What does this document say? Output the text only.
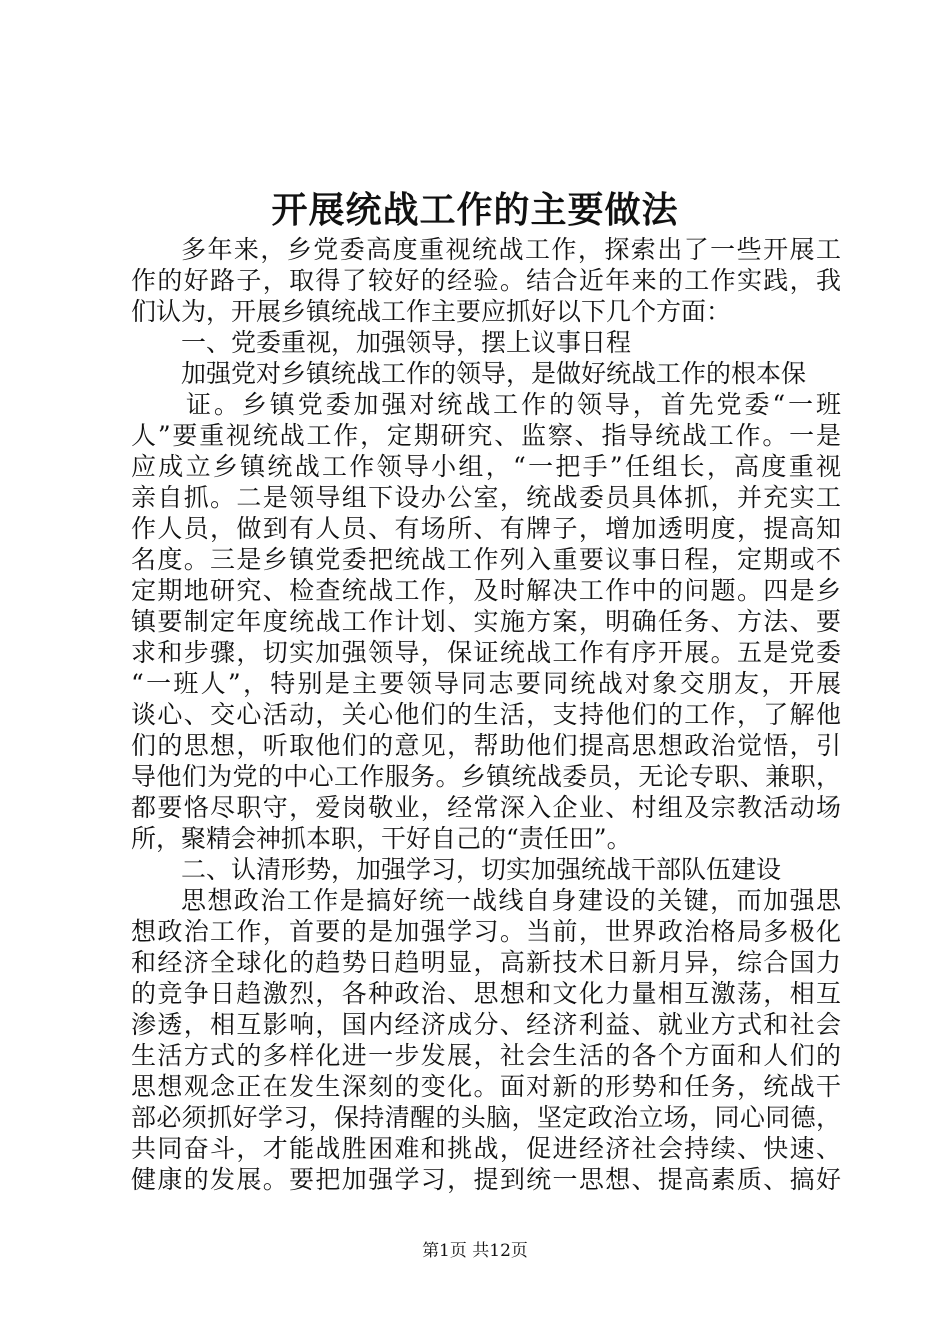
开展统战工作的主要做法
多年来，乡党委高度重视统战工作，探索出了一些开展工
作的好路子，取得了较好的经验。结合近年来的工作实践，我
们认为，开展乡镇统战工作主要应抓好以下几个方面：
一、党委重视，加强领导，摆上议事日程
加强党对乡镇统战工作的领导，是做好统战工作的根本保
证。乡镇党委加强对统战工作的领导，首先党委“一班
人”要重视统战工作，定期研究、监察、指导统战工作。一是
应成立乡镇统战工作领导小组，“一把手”任组长，高度重视
亲自抓。二是领导组下设办公室，统战委员具体抓，并充实工
作人员，做到有人员、有场所、有牌子，增加透明度，提高知
名度。三是乡镇党委把统战工作列入重要议事日程，定期或不
定期地研究、检查统战工作，及时解决工作中的问题。四是乡
镇要制定年度统战工作计划、实施方案，明确任务、方法、要
求和步骤，切实加强领导，保证统战工作有序开展。五是党委
“一班人”，特别是主要领导同志要同统战对象交朋友，开展
谈心、交心活动，关心他们的生活，支持他们的工作，了解他
们的思想，听取他们的意见，帮助他们提高思想政治觉悟，引
导他们为党的中心工作服务。乡镇统战委员，无论专职、兼职，
都要恪尽职守，爱岗敬业，经常深入企业、村组及宗教活动场
所，聚精会神抓本职，干好自己的“责任田”。
二、认清形势，加强学习，切实加强统战干部队伍建设
思想政治工作是搞好统一战线自身建设的关键，而加强思
想政治工作，首要的是加强学习。当前，世界政治格局多极化
和经济全球化的趋势日趋明显，高新技术日新月异，综合国力
的竞争日趋激烈，各种政治、思想和文化力量相互激荡，相互
渗透，相互影响，国内经济成分、经济利益、就业方式和社会
生活方式的多样化进一步发展，社会生活的各个方面和人们的
思想观念正在发生深刻的变化。面对新的形势和任务，统战干
部必须抓好学习，保持清醒的头脑，坚定政治立场，同心同德，
共同奋斗，才能战胜困难和挑战，促进经济社会持续、快速、
健康的发展。要把加强学习，提到统一思想、提高素质、搞好
第1页 共12页
